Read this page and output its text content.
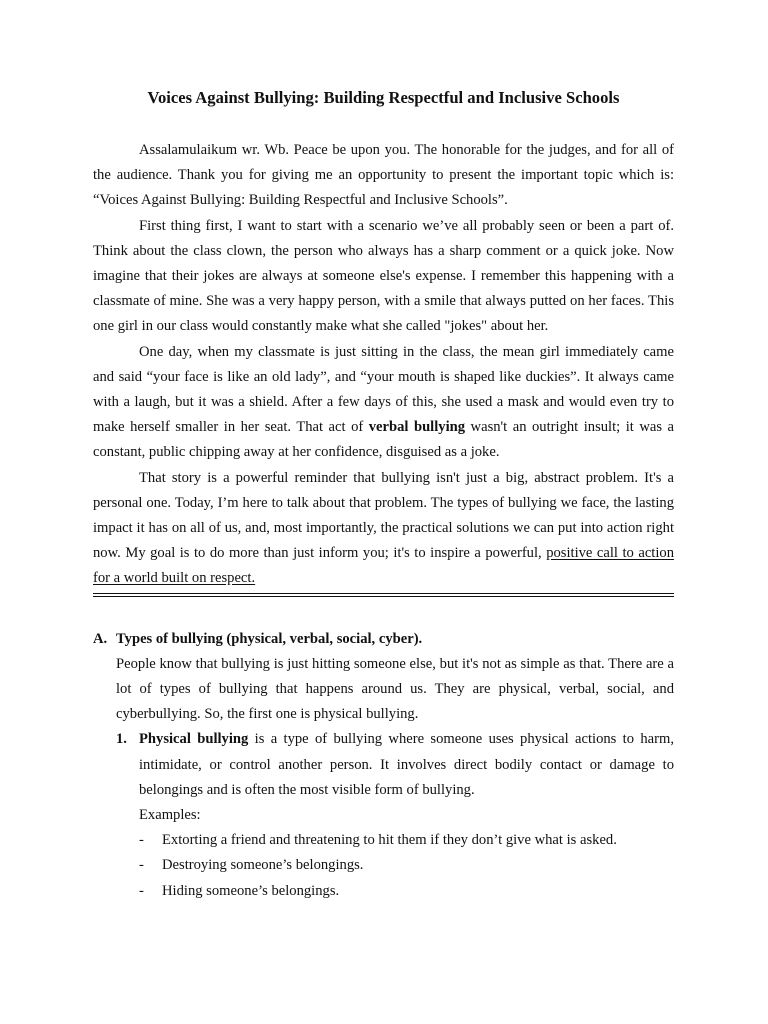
Voices Against Bullying: Building Respectful and Inclusive Schools

Assalamulaikum wr. Wb. Peace be upon you. The honorable for the judges, and for all of the audience. Thank you for giving me an opportunity to present the important topic which is: “Voices Against Bullying: Building Respectful and Inclusive Schools”.

First thing first, I want to start with a scenario we’ve all probably seen or been a part of. Think about the class clown, the person who always has a sharp comment or a quick joke. Now imagine that their jokes are always at someone else's expense. I remember this happening with a classmate of mine. She was a very happy person, with a smile that always putted on her faces. This one girl in our class would constantly make what she called "jokes" about her.

One day, when my classmate is just sitting in the class, the mean girl immediately came and said “your face is like an old lady”, and “your mouth is shaped like duckies”. It always came with a laugh, but it was a shield. After a few days of this, she used a mask and would even try to make herself smaller in her seat. That act of verbal bullying wasn't an outright insult; it was a constant, public chipping away at her confidence, disguised as a joke.

That story is a powerful reminder that bullying isn't just a big, abstract problem. It's a personal one. Today, I’m here to talk about that problem. The types of bullying we face, the lasting impact it has on all of us, and, most importantly, the practical solutions we can put into action right now. My goal is to do more than just inform you; it's to inspire a powerful, positive call to action for a world built on respect.

A. Types of bullying (physical, verbal, social, cyber).

People know that bullying is just hitting someone else, but it's not as simple as that. There are a lot of types of bullying that happens around us. They are physical, verbal, social, and cyberbullying. So, the first one is physical bullying.

1. Physical bullying is a type of bullying where someone uses physical actions to harm, intimidate, or control another person. It involves direct bodily contact or damage to belongings and is often the most visible form of bullying.
Examples:
-	Extorting a friend and threatening to hit them if they don’t give what is asked.
-	Destroying someone’s belongings.
-	Hiding someone’s belongings.
